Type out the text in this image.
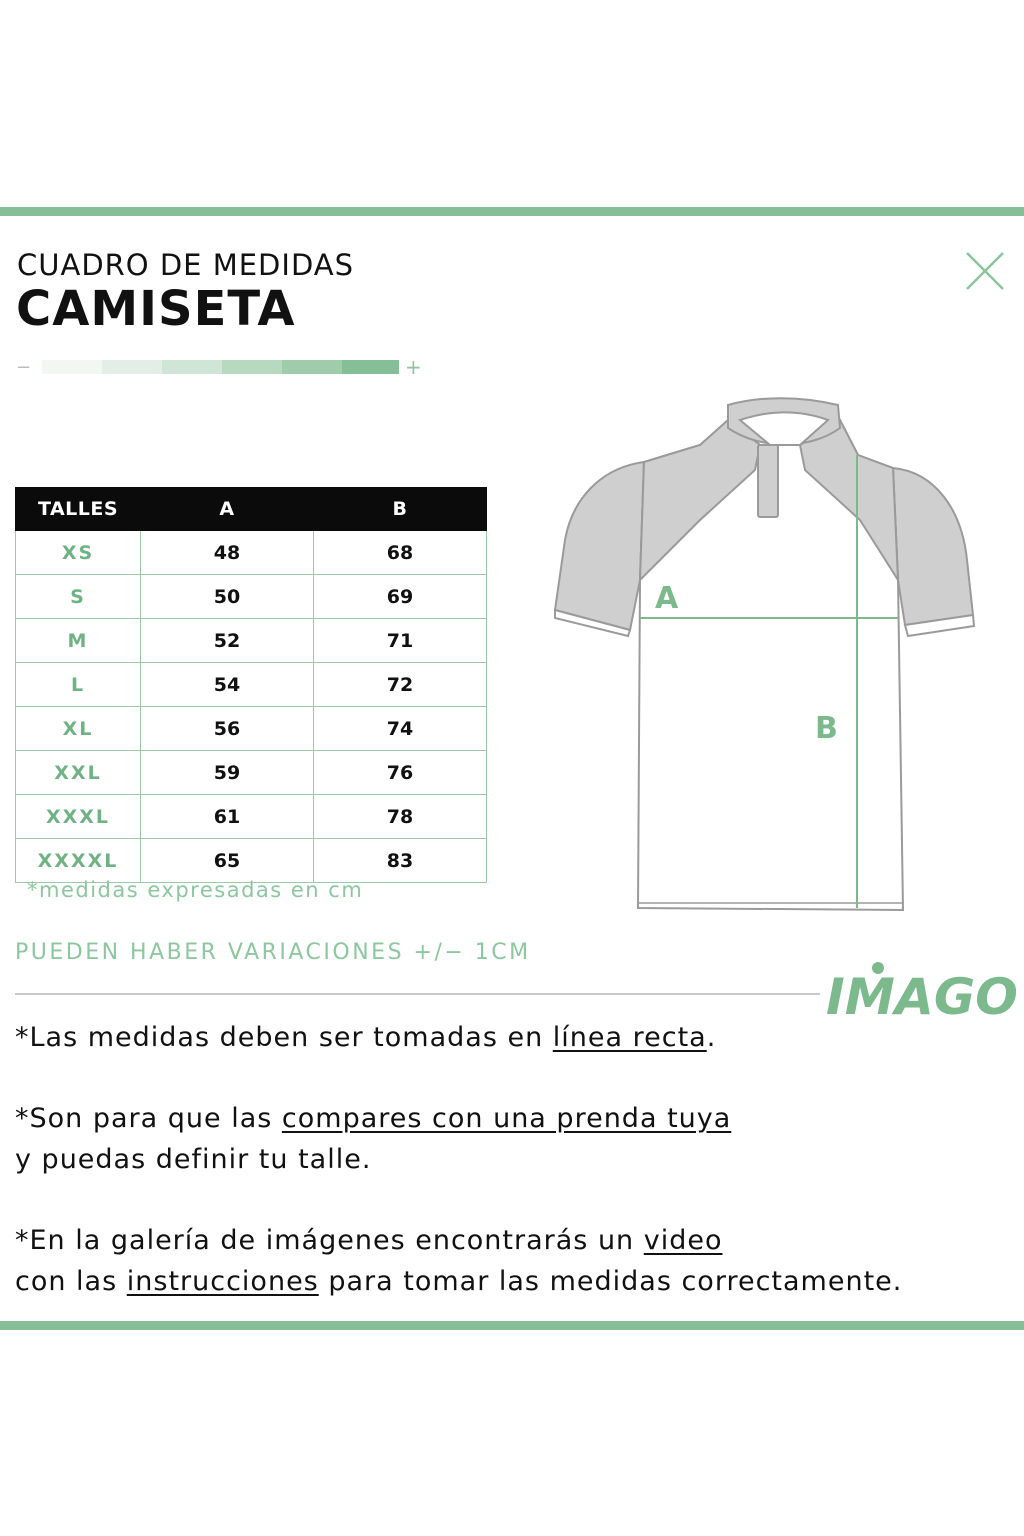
CUADRO DE MEDIDAS
CAMISETA
−	+
TALLES	A	B
XS	48	68
S	50	69
M	52	71
L	54	72
XL	56	74
XXL	59	76
XXXL	61	78
XXXXL	65	83
*medidas expresadas en cm
A
B
PUEDEN HABER VARIACIONES +/− 1CM
IMAGO

*Las medidas deben ser tomadas en línea recta.

*Son para que las compares con una prenda tuya
y puedas definir tu talle.

*En la galería de imágenes encontrarás un video
con las instrucciones para tomar las medidas correctamente.
